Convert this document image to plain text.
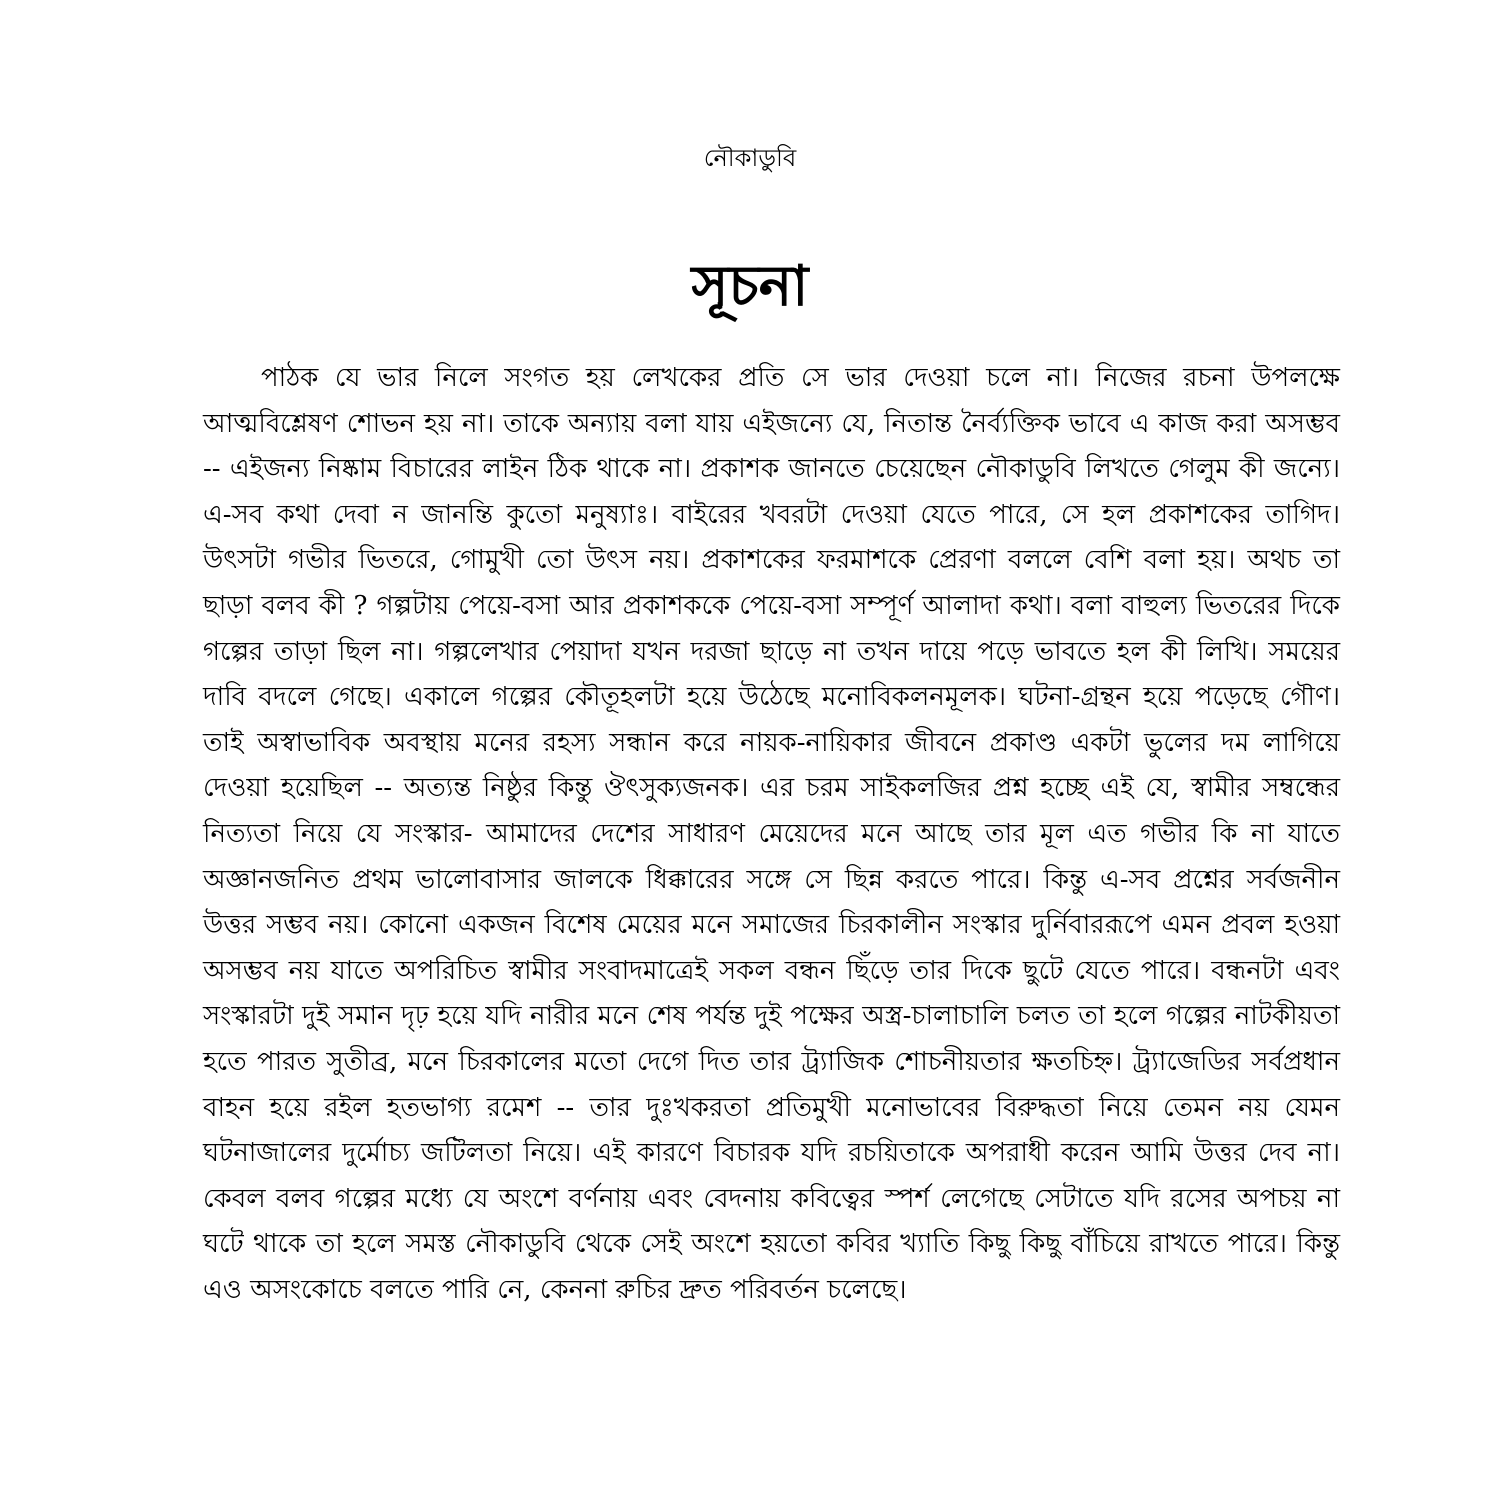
নৌকাডুবি

সূচনা

পাঠক যে ভার নিলে সংগত হয় লেখকের প্রতি সে ভার দেওয়া চলে না। নিজের রচনা উপলক্ষে আত্মবিশ্লেষণ শোভন হয় না। তাকে অন্যায় বলা যায় এইজন্যে যে, নিতান্ত নৈর্ব্যক্তিক ভাবে এ কাজ করা অসম্ভব -- এইজন্য নিষ্কাম বিচারের লাইন ঠিক থাকে না। প্রকাশক জানতে চেয়েছেন নৌকাডুবি লিখতে গেলুম কী জন্যে। এ-সব কথা দেবা ন জানন্তি কুতো মনুষ্যাঃ। বাইরের খবরটা দেওয়া যেতে পারে, সে হল প্রকাশকের তাগিদ। উৎসটা গভীর ভিতরে, গোমুখী তো উৎস নয়। প্রকাশকের ফরমাশকে প্রেরণা বললে বেশি বলা হয়। অথচ তা ছাড়া বলব কী ? গল্পটায় পেয়ে-বসা আর প্রকাশককে পেয়ে-বসা সম্পূর্ণ আলাদা কথা। বলা বাহুল্য ভিতরের দিকে গল্পের তাড়া ছিল না। গল্পলেখার পেয়াদা যখন দরজা ছাড়ে না তখন দায়ে পড়ে ভাবতে হল কী লিখি। সময়ের দাবি বদলে গেছে। একালে গল্পের কৌতূহলটা হয়ে উঠেছে মনোবিকলনমূলক। ঘটনা-গ্রন্থন হয়ে পড়েছে গৌণ। তাই অস্বাভাবিক অবস্থায় মনের রহস্য সন্ধান করে নায়ক-নায়িকার জীবনে প্রকাণ্ড একটা ভুলের দম লাগিয়ে দেওয়া হয়েছিল -- অত্যন্ত নিষ্ঠুর কিন্তু ঔৎসুক্যজনক। এর চরম সাইকলজির প্রশ্ন হচ্ছে এই যে, স্বামীর সম্বন্ধের নিত্যতা নিয়ে যে সংস্কার- আমাদের দেশের সাধারণ মেয়েদের মনে আছে তার মূল এত গভীর কি না যাতে অজ্ঞানজনিত প্রথম ভালোবাসার জালকে ধিক্কারের সঙ্গে সে ছিন্ন করতে পারে। কিন্তু এ-সব প্রশ্নের সর্বজনীন উত্তর সম্ভব নয়। কোনো একজন বিশেষ মেয়ের মনে সমাজের চিরকালীন সংস্কার দুর্নিবাররূপে এমন প্রবল হওয়া অসম্ভব নয় যাতে অপরিচিত স্বামীর সংবাদমাত্রেই সকল বন্ধন ছিঁড়ে তার দিকে ছুটে যেতে পারে। বন্ধনটা এবং সংস্কারটা দুই সমান দৃঢ় হয়ে যদি নারীর মনে শেষ পর্যন্ত দুই পক্ষের অস্ত্র-চালাচালি চলত তা হলে গল্পের নাটকীয়তা হতে পারত সুতীব্র, মনে চিরকালের মতো দেগে দিত তার ট্র্যাজিক শোচনীয়তার ক্ষতচিহ্ন। ট্র্যাজেডির সর্বপ্রধান বাহন হয়ে রইল হতভাগ্য রমেশ -- তার দুঃখকরতা প্রতিমুখী মনোভাবের বিরুদ্ধতা নিয়ে তেমন নয় যেমন ঘটনাজালের দুর্মোচ্য জটিলতা নিয়ে। এই কারণে বিচারক যদি রচয়িতাকে অপরাধী করেন আমি উত্তর দেব না। কেবল বলব গল্পের মধ্যে যে অংশে বর্ণনায় এবং বেদনায় কবিত্বের স্পর্শ লেগেছে সেটাতে যদি রসের অপচয় না ঘটে থাকে তা হলে সমস্ত নৌকাডুবি থেকে সেই অংশে হয়তো কবির খ্যাতি কিছু কিছু বাঁচিয়ে রাখতে পারে। কিন্তু এও অসংকোচে বলতে পারি নে, কেননা রুচির দ্রুত পরিবর্তন চলেছে।
